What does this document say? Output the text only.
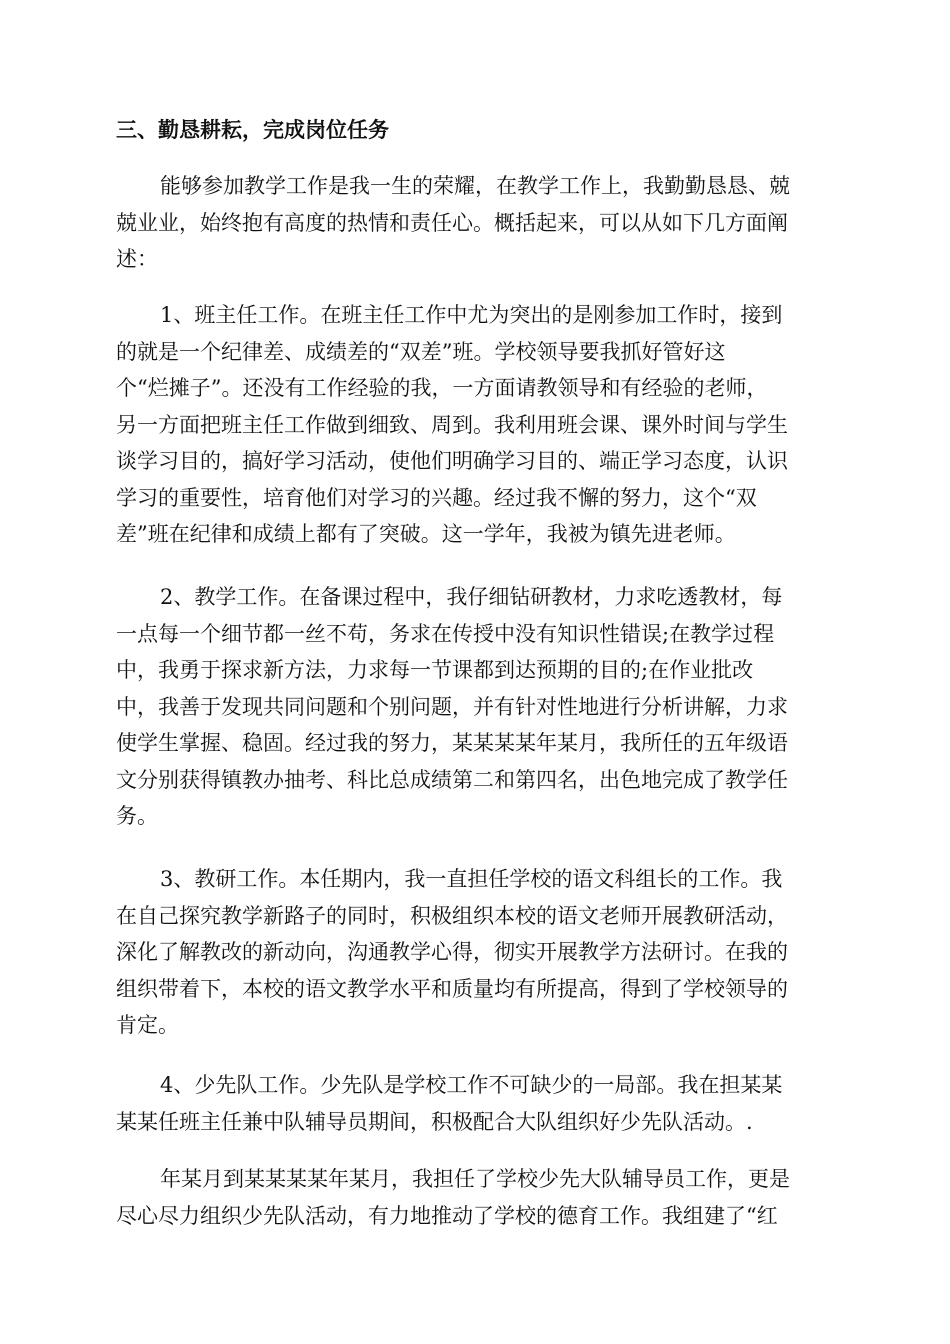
三、勤恳耕耘，完成岗位任务

能够参加教学工作是我一生的荣耀，在教学工作上，我勤勤恳恳、兢
兢业业，始终抱有高度的热情和责任心。概括起来，可以从如下几方面阐
述：

1、班主任工作。在班主任工作中尤为突出的是刚参加工作时，接到
的就是一个纪律差、成绩差的“双差”班。学校领导要我抓好管好这
个“烂摊子”。还没有工作经验的我，一方面请教领导和有经验的老师，
另一方面把班主任工作做到细致、周到。我利用班会课、课外时间与学生
谈学习目的，搞好学习活动，使他们明确学习目的、端正学习态度，认识
学习的重要性，培育他们对学习的兴趣。经过我不懈的努力，这个“双
差”班在纪律和成绩上都有了突破。这一学年，我被为镇先进老师。

2、教学工作。在备课过程中，我仔细钻研教材，力求吃透教材，每
一点每一个细节都一丝不苟，务求在传授中没有知识性错误;在教学过程
中，我勇于探求新方法，力求每一节课都到达预期的目的;在作业批改
中，我善于发现共同问题和个别问题，并有针对性地进行分析讲解，力求
使学生掌握、稳固。经过我的努力，某某某某年某月，我所任的五年级语
文分别获得镇教办抽考、科比总成绩第二和第四名，出色地完成了教学任
务。

3、教研工作。本任期内，我一直担任学校的语文科组长的工作。我
在自己探究教学新路子的同时，积极组织本校的语文老师开展教研活动，
深化了解教改的新动向，沟通教学心得，彻实开展教学方法研讨。在我的
组织带着下，本校的语文教学水平和质量均有所提高，得到了学校领导的
肯定。

4、少先队工作。少先队是学校工作不可缺少的一局部。我在担某某
某某任班主任兼中队辅导员期间，积极配合大队组织好少先队活动。.

年某月到某某某某年某月，我担任了学校少先大队辅导员工作，更是
尽心尽力组织少先队活动，有力地推动了学校的德育工作。我组建了“红
